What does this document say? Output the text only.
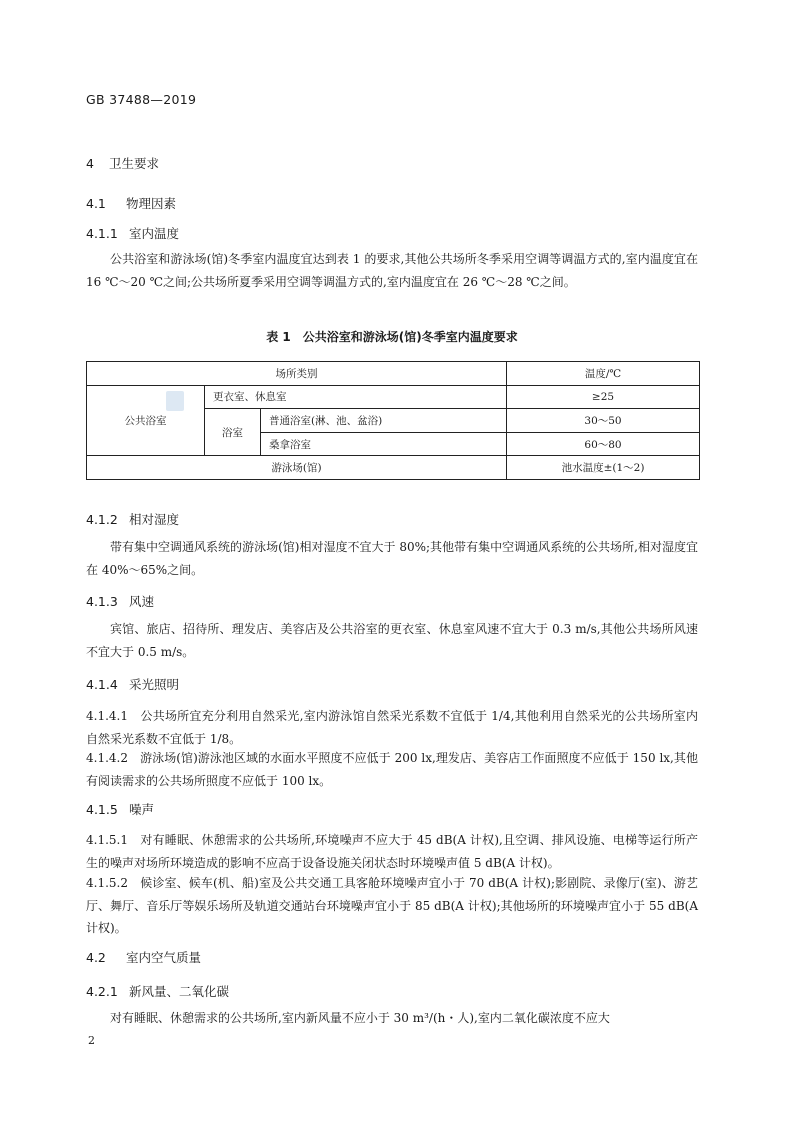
GB 37488—2019
4 卫生要求
4.1 物理因素
4.1.1 室内温度
公共浴室和游泳场(馆)冬季室内温度宜达到表 1 的要求,其他公共场所冬季采用空调等调温方式的,室内温度宜在 16 ℃～20 ℃之间;公共场所夏季采用空调等调温方式的,室内温度宜在 26 ℃～28 ℃之间。
表 1　公共浴室和游泳场(馆)冬季室内温度要求
场所类别			温度/℃
公共浴室	更衣室、休息室		≥25
	浴室	普通浴室(淋、池、盆浴)	30～50
		桑拿浴室	60～80
游泳场(馆)			池水温度±(1～2)
4.1.2 相对湿度
带有集中空调通风系统的游泳场(馆)相对湿度不宜大于 80%;其他带有集中空调通风系统的公共场所,相对湿度宜在 40%～65%之间。
4.1.3 风速
宾馆、旅店、招待所、理发店、美容店及公共浴室的更衣室、休息室风速不宜大于 0.3 m/s,其他公共场所风速不宜大于 0.5 m/s。
4.1.4 采光照明
4.1.4.1　公共场所宜充分利用自然采光,室内游泳馆自然采光系数不宜低于 1/4,其他利用自然采光的公共场所室内自然采光系数不宜低于 1/8。
4.1.4.2　游泳场(馆)游泳池区域的水面水平照度不应低于 200 lx,理发店、美容店工作面照度不应低于 150 lx,其他有阅读需求的公共场所照度不应低于 100 lx。
4.1.5 噪声
4.1.5.1　对有睡眠、休憩需求的公共场所,环境噪声不应大于 45 dB(A 计权),且空调、排风设施、电梯等运行所产生的噪声对场所环境造成的影响不应高于设备设施关闭状态时环境噪声值 5 dB(A 计权)。
4.1.5.2　候诊室、候车(机、船)室及公共交通工具客舱环境噪声宜小于 70 dB(A 计权);影剧院、录像厅(室)、游艺厅、舞厅、音乐厅等娱乐场所及轨道交通站台环境噪声宜小于 85 dB(A 计权);其他场所的环境噪声宜小于 55 dB(A 计权)。
4.2 室内空气质量
4.2.1 新风量、二氧化碳
对有睡眠、休憩需求的公共场所,室内新风量不应小于 30 m³/(h・人),室内二氧化碳浓度不应大
2
